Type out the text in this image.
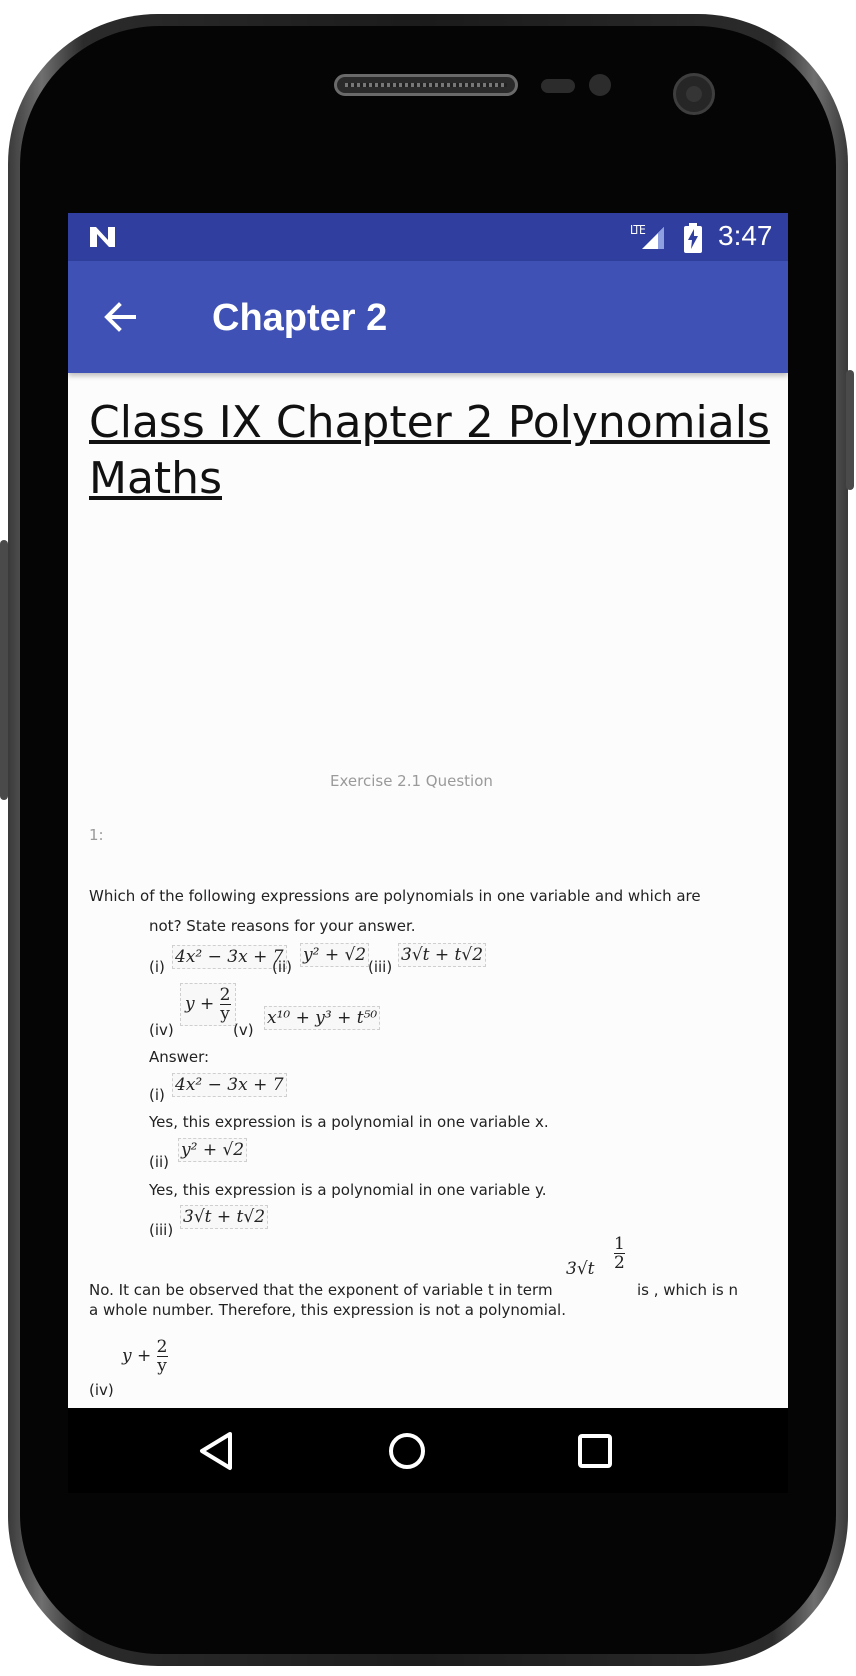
LTE	3:47
Chapter 2
Class IX Chapter 2 Polynomials
Maths
Exercise 2.1 Question
1:
Which of the following expressions are polynomials in one variable and which are
not? State reasons for your answer.
(i) 4x² − 3x + 7
(ii)
y² + √2
(iii)
3√t + t√2
(iv)
$y + \frac{2}{y}$
(v)
x¹⁰ + y³ + t⁵⁰
Answer:
(i) 4x² − 3x + 7
Yes, this expression is a polynomial in one variable x.
(ii)
y² + √2
Yes, this expression is a polynomial in one variable y.
(iii)
3√t + t√2
$3√t \frac{1}{2}$
No. It can be observed that the exponent of variable t in term	is , which is n
a whole number. Therefore, this expression is not a polynomial.
(iv)
$y + \frac{2}{y}$
